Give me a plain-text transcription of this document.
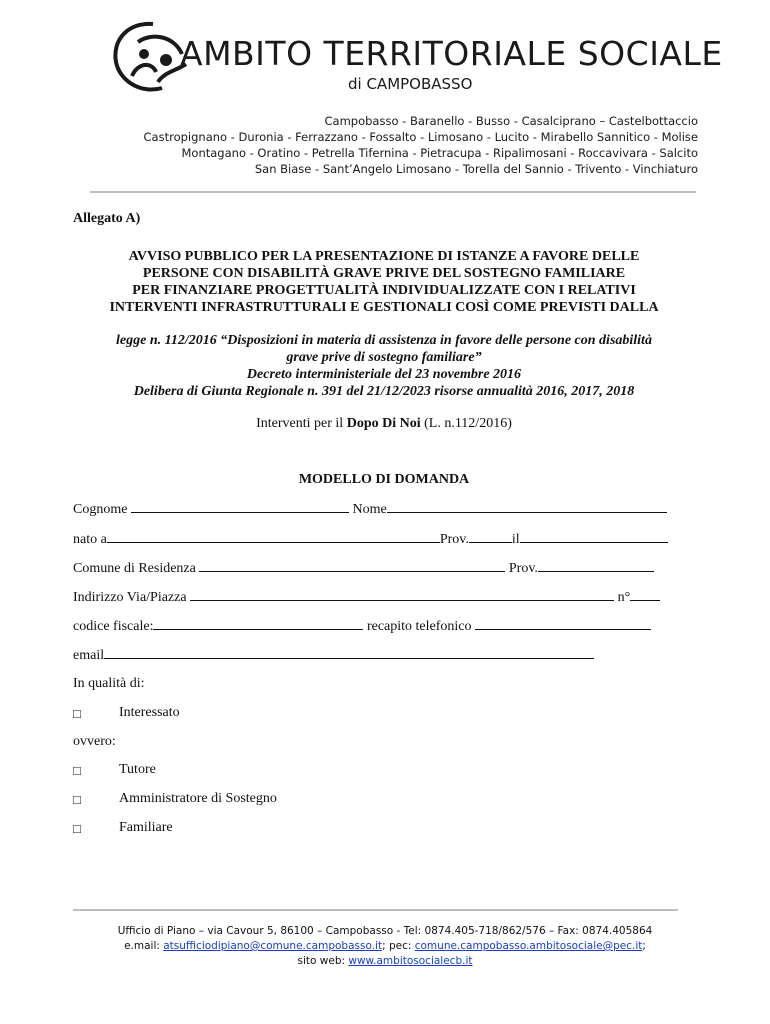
AMBITO TERRITORIALE SOCIALE
di CAMPOBASSO
Campobasso - Baranello - Busso - Casalciprano – Castelbottaccio
Castropignano - Duronia - Ferrazzano - Fossalto - Limosano - Lucito - Mirabello Sannitico - Molise
Montagano - Oratino - Petrella Tifernina - Pietracupa - Ripalimosani - Roccavivara - Salcito
San Biase - Sant’Angelo Limosano - Torella del Sannio - Trivento - Vinchiaturo
Allegato A)
AVVISO PUBBLICO PER LA PRESENTAZIONE DI ISTANZE A FAVORE DELLE
PERSONE CON DISABILITÀ GRAVE PRIVE DEL SOSTEGNO FAMILIARE
PER FINANZIARE PROGETTUALITÀ INDIVIDUALIZZATE CON I RELATIVI
INTERVENTI INFRASTRUTTURALI E GESTIONALI COSÌ COME PREVISTI DALLA
legge n. 112/2016 “Disposizioni in materia di assistenza in favore delle persone con disabilità
grave prive di sostegno familiare”
Decreto interministeriale del 23 novembre 2016
Delibera di Giunta Regionale n. 391 del 21/12/2023 risorse annualità 2016, 2017, 2018
Interventi per il Dopo Di Noi (L. n.112/2016)
MODELLO DI DOMANDA
Cognome	Nome
nato a	Prov.	il
Comune di Residenza	Prov.
Indirizzo Via/Piazza	n°
codice fiscale:	recapito telefonico
email
In qualità di:
□	Interessato
ovvero:
□	Tutore
□	Amministratore di Sostegno
□	Familiare
Ufficio di Piano – via Cavour 5, 86100 – Campobasso - Tel: 0874.405-718/862/576 – Fax: 0874.405864
e.mail: atsufficiodipiano@comune.campobasso.it; pec: comune.campobasso.ambitosociale@pec.it;
sito web: www.ambitosocialecb.it
